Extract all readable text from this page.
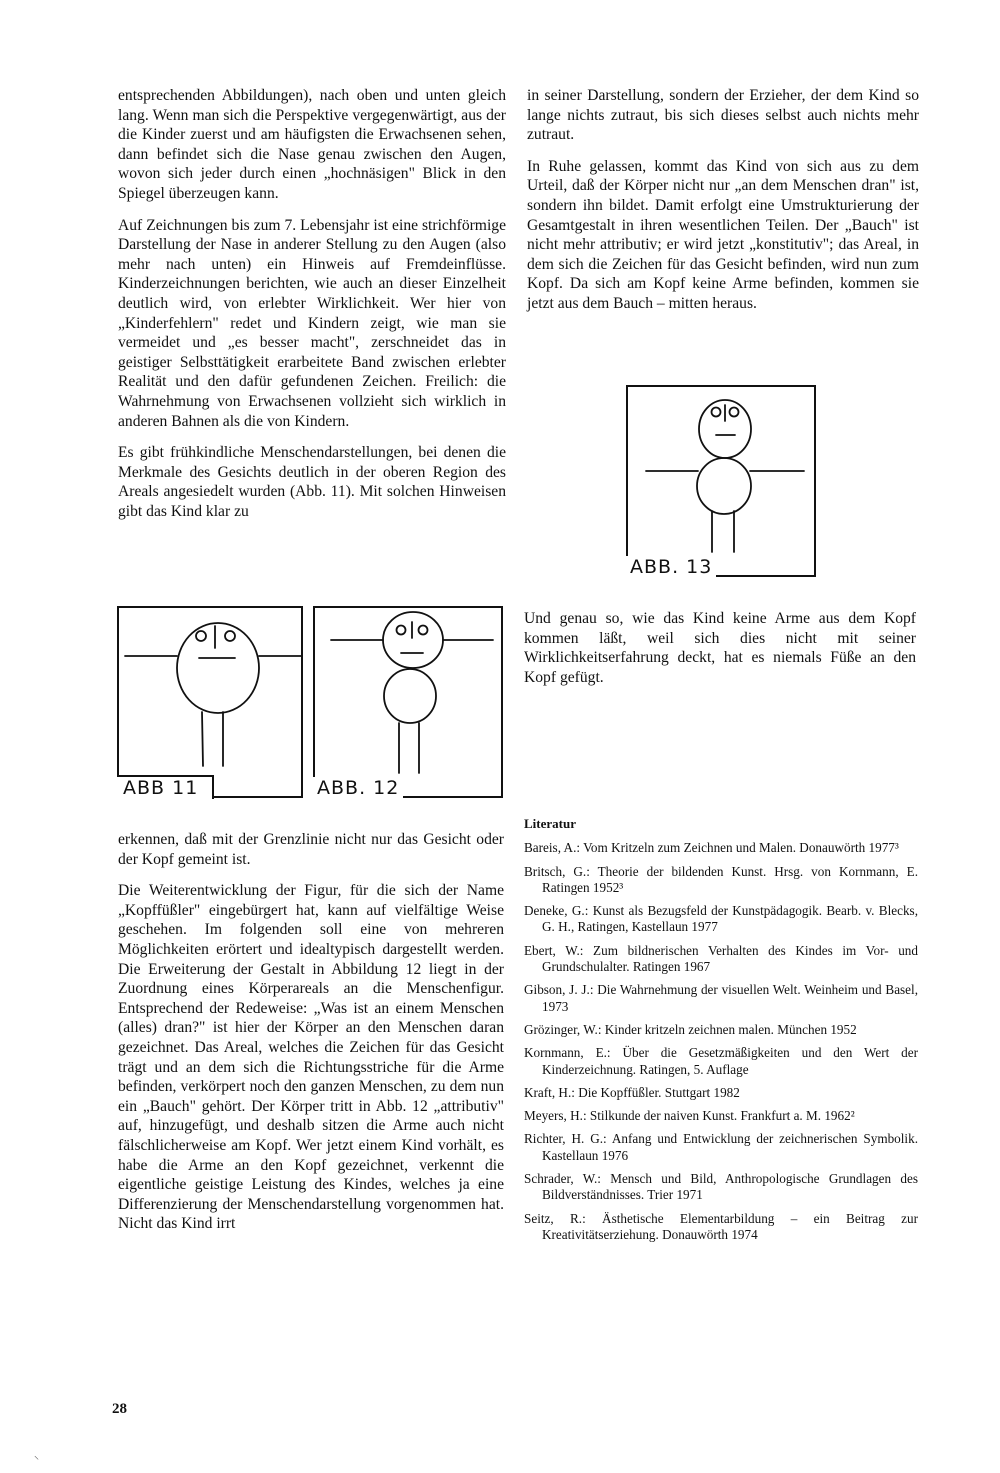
entsprechenden Abbildungen), nach oben und unten gleich lang. Wenn man sich die Perspektive vergegenwärtigt, aus der die Kinder zuerst und am häufigsten die Erwachsenen sehen, dann befindet sich die Nase genau zwischen den Augen, wovon sich jeder durch einen „hochnäsigen" Blick in den Spiegel überzeugen kann.

Auf Zeichnungen bis zum 7. Lebensjahr ist eine strichförmige Darstellung der Nase in anderer Stellung zu den Augen (also mehr nach unten) ein Hinweis auf Fremdeinflüsse. Kinderzeichnungen berichten, wie auch an dieser Einzelheit deutlich wird, von erlebter Wirklichkeit. Wer hier von „Kinderfehlern" redet und Kindern zeigt, wie man sie vermeidet und „es besser macht", zerschneidet das in geistiger Selbsttätigkeit erarbeitete Band zwischen erlebter Realität und den dafür gefundenen Zeichen. Freilich: die Wahrnehmung von Erwachsenen vollzieht sich wirklich in anderen Bahnen als die von Kindern.

Es gibt frühkindliche Menschendarstellungen, bei denen die Merkmale des Gesichts deutlich in der oberen Region des Areals angesiedelt wurden (Abb. 11). Mit solchen Hinweisen gibt das Kind klar zu

in seiner Darstellung, sondern der Erzieher, der dem Kind so lange nichts zutraut, bis sich dieses selbst auch nichts mehr zutraut.

In Ruhe gelassen, kommt das Kind von sich aus zu dem Urteil, daß der Körper nicht nur „an dem Menschen dran" ist, sondern ihn bildet. Damit erfolgt eine Umstrukturierung der Gesamtgestalt in ihren wesentlichen Teilen. Der „Bauch" ist nicht mehr attributiv; er wird jetzt „konstitutiv"; das Areal, in dem sich die Zeichen für das Gesicht befinden, wird nun zum Kopf. Da sich am Kopf keine Arme befinden, kommen sie jetzt aus dem Bauch – mitten heraus.

ABB. 13
ABB 11	ABB. 12

Und genau so, wie das Kind keine Arme aus dem Kopf kommen läßt, weil sich dies nicht mit seiner Wirklichkeitserfahrung deckt, hat es niemals Füße an den Kopf gefügt.

erkennen, daß mit der Grenzlinie nicht nur das Gesicht oder der Kopf gemeint ist.

Die Weiterentwicklung der Figur, für die sich der Name „Kopffüßler" eingebürgert hat, kann auf vielfältige Weise geschehen. Im folgenden soll eine von mehreren Möglichkeiten erörtert und idealtypisch dargestellt werden. Die Erweiterung der Gestalt in Abbildung 12 liegt in der Zuordnung eines Körperareals an die Menschenfigur. Entsprechend der Redeweise: „Was ist an einem Menschen (alles) dran?" ist hier der Körper an den Menschen daran gezeichnet. Das Areal, welches die Zeichen für das Gesicht trägt und an dem sich die Richtungsstriche für die Arme befinden, verkörpert noch den ganzen Menschen, zu dem nun ein „Bauch" gehört. Der Körper tritt in Abb. 12 „attributiv" auf, hinzugefügt, und deshalb sitzen die Arme auch nicht fälschlicherweise am Kopf. Wer jetzt einem Kind vorhält, es habe die Arme an den Kopf gezeichnet, verkennt die eigentliche geistige Leistung des Kindes, welches ja eine Differenzierung der Menschendarstellung vorgenommen hat. Nicht das Kind irrt

Literatur
Bareis, A.: Vom Kritzeln zum Zeichnen und Malen. Donauwörth 1977³
Britsch, G.: Theorie der bildenden Kunst. Hrsg. von Kornmann, E. Ratingen 1952³
Deneke, G.: Kunst als Bezugsfeld der Kunstpädagogik. Bearb. v. Blecks, G. H., Ratingen, Kastellaun 1977
Ebert, W.: Zum bildnerischen Verhalten des Kindes im Vor- und Grundschulalter. Ratingen 1967
Gibson, J. J.: Die Wahrnehmung der visuellen Welt. Weinheim und Basel, 1973
Grözinger, W.: Kinder kritzeln zeichnen malen. München 1952
Kornmann, E.: Über die Gesetzmäßigkeiten und den Wert der Kinderzeichnung. Ratingen, 5. Auflage
Kraft, H.: Die Kopffüßler. Stuttgart 1982
Meyers, H.: Stilkunde der naiven Kunst. Frankfurt a. M. 1962²
Richter, H. G.: Anfang und Entwicklung der zeichnerischen Symbolik. Kastellaun 1976
Schrader, W.: Mensch und Bild, Anthropologische Grundlagen des Bildverständnisses. Trier 1971
Seitz, R.: Ästhetische Elementarbildung – ein Beitrag zur Kreativitätserziehung. Donauwörth 1974
28
⸌
